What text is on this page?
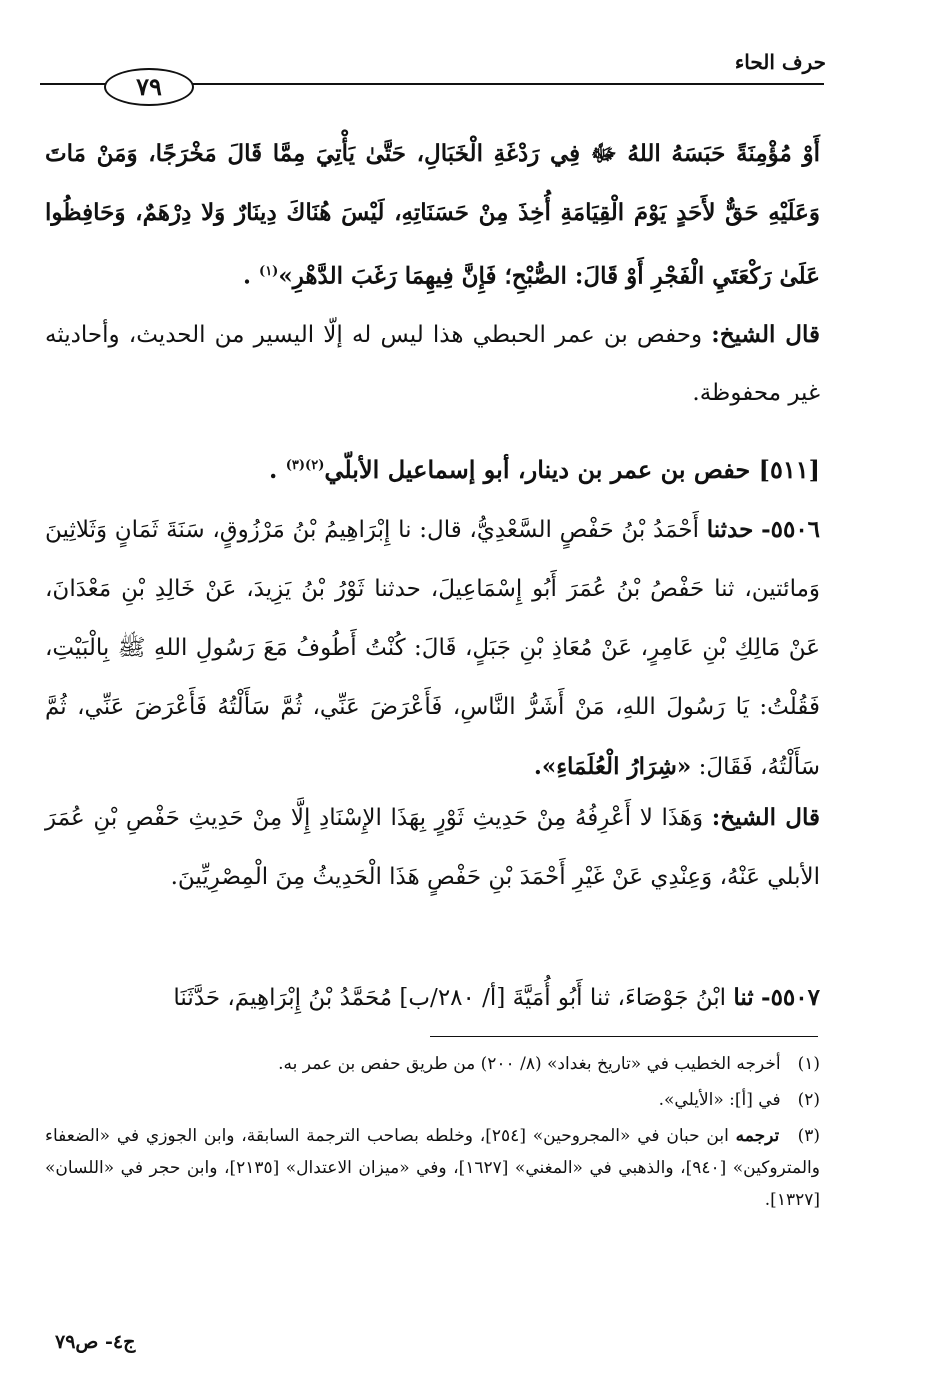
حرف الحاء
٧٩

أَوْ مُؤْمِنَةً حَبَسَهُ اللهُ ﷻ فِي رَدْغَةِ الْخَبَالِ، حَتَّىٰ يَأْتِيَ مِمَّا قَالَ مَخْرَجًا، وَمَنْ مَاتَ وَعَلَيْهِ حَقٌّ لأَحَدٍ يَوْمَ الْقِيَامَةِ أُخِذَ مِنْ حَسَنَاتِهِ، لَيْسَ هُنَاكَ دِينَارٌ وَلا دِرْهَمٌ، وَحَافِظُوا عَلَىٰ رَكْعَتَيِ الْفَجْرِ أَوْ قَالَ: الصُّبْحِ؛ فَإِنَّ فِيهِمَا رَغَبَ الدَّهْرِ»$^{(١)}$ .

قال الشيخ: وحفص بن عمر الحبطي هذا ليس له إلّا اليسير من الحديث، وأحاديثه غير محفوظة.

[٥١١] حفص بن عمر بن دينار، أبو إسماعيل الأبلّي$^{(٢)(٣)}$ .

٥٥٠٦- حدثنا أَحْمَدُ بْنُ حَفْصٍ السَّعْدِيُّ، قال: نا إِبْرَاهِيمُ بْنُ مَرْزُوقٍ، سَنَةَ ثَمَانٍ وَثَلاثِينَ وَمائتين، ثنا حَفْصُ بْنُ عُمَرَ أَبُو إِسْمَاعِيلَ، حدثنا ثَوْرُ بْنُ يَزِيدَ، عَنْ خَالِدِ بْنِ مَعْدَانَ، عَنْ مَالِكِ بْنِ عَامِرٍ، عَنْ مُعَاذِ بْنِ جَبَلٍ، قَالَ: كُنْتُ أَطُوفُ مَعَ رَسُولِ اللهِ ﷺ بِالْبَيْتِ، فَقُلْتُ: يَا رَسُولَ اللهِ، مَنْ أَشَرُّ النَّاسِ، فَأَعْرَضَ عَنِّي، ثُمَّ سَأَلْتُهُ فَأَعْرَضَ عَنِّي، ثُمَّ سَأَلْتُهُ، فَقَالَ: «شِرَارُ الْعُلَمَاءِ».

قال الشيخ: وَهَذَا لا أَعْرِفُهُ مِنْ حَدِيثِ ثَوْرٍ بِهَذَا الإِسْنَادِ إِلَّا مِنْ حَدِيثِ حَفْصِ بْنِ عُمَرَ الأبلي عَنْهُ، وَعِنْدِي عَنْ غَيْرِ أَحْمَدَ بْنِ حَفْصٍ هَذَا الْحَدِيثُ مِنَ الْمِصْرِيِّينَ.

٥٥٠٧- ثنا ابْنُ جَوْصَاءَ، ثنا أَبُو أُمَيَّةَ [أ/ ٢٨٠/ب] مُحَمَّدُ بْنُ إِبْرَاهِيمَ، حَدَّثَنَا

(١) أخرجه الخطيب في «تاريخ بغداد» (٨/ ٢٠٠) من طريق حفص بن عمر به.

(٢) في [أ]: «الأيلي».

(٣) ترجمه ابن حبان في «المجروحين» [٢٥٤]، وخلطه بصاحب الترجمة السابقة، وابن الجوزي في «الضعفاء والمتروكين» [٩٤٠]، والذهبي في «المغني» [١٦٢٧]، وفي «ميزان الاعتدال» [٢١٣٥]، وابن حجر في «اللسان» [١٣٢٧].

ج٤- ص٧٩
